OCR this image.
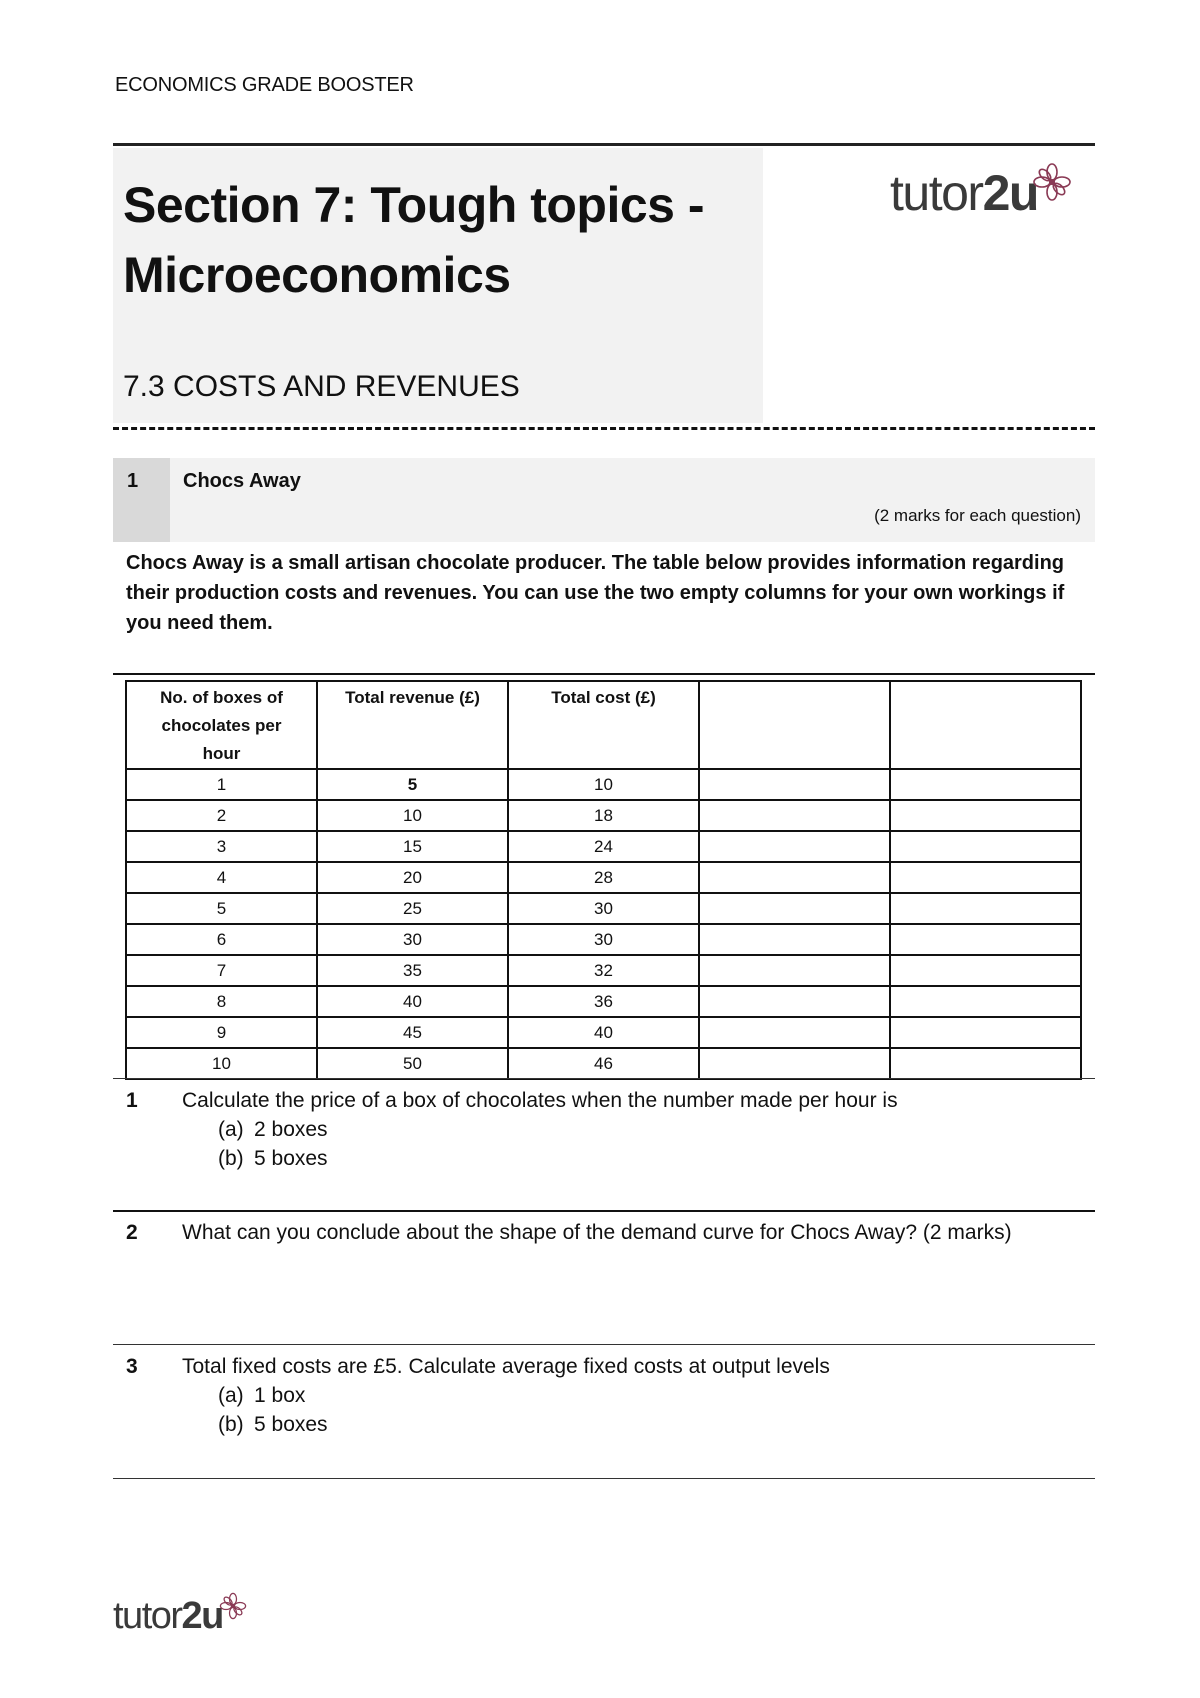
ECONOMICS GRADE BOOSTER
Section 7: Tough topics -
Microeconomics
7.3 COSTS AND REVENUES
tutor2u
1 Chocs Away
(2 marks for each question)
Chocs Away is a small artisan chocolate producer. The table below provides information regarding their production costs and revenues. You can use the two empty columns for your own workings if you need them.
No. of boxes of chocolates per hour	Total revenue (£)	Total cost (£)		
1	5	10		
2	10	18		
3	15	24		
4	20	28		
5	25	30		
6	30	30		
7	35	32		
8	40	36		
9	45	40		
10	50	46		
1	Calculate the price of a box of chocolates when the number made per hour is
(a) 2 boxes
(b) 5 boxes
2	What can you conclude about the shape of the demand curve for Chocs Away? (2 marks)
3	Total fixed costs are £5. Calculate average fixed costs at output levels
(a) 1 box
(b) 5 boxes
tutor2u
